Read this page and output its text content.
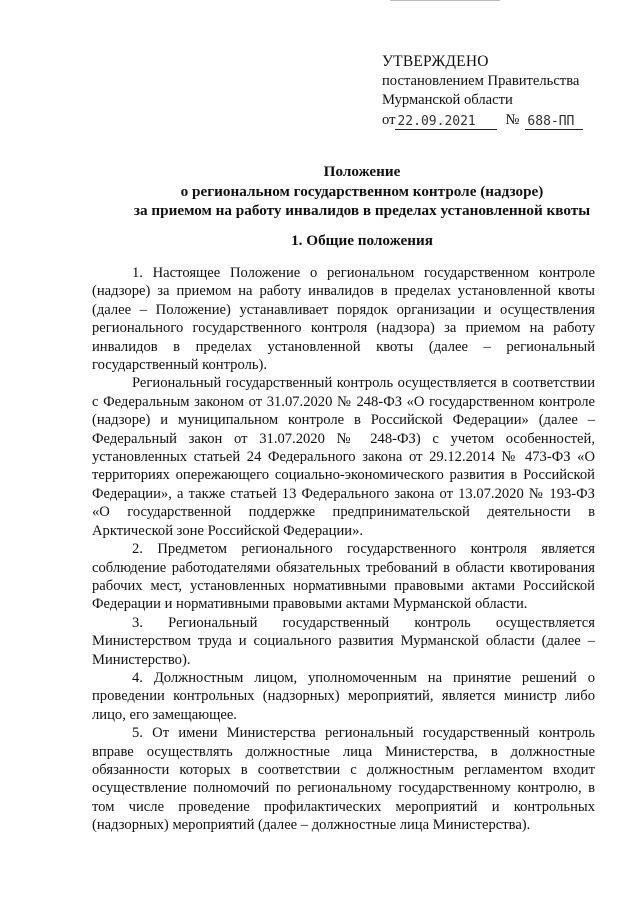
УТВЕРЖДЕНО
постановлением Правительства
Мурманской области
от 22.09.2021	№ 688-ПП
Положение
о региональном государственном контроле (надзоре)
за приемом на работу инвалидов в пределах установленной квоты
1. Общие положения

1. Настоящее Положение о региональном государственном контроле (надзоре) за приемом на работу инвалидов в пределах установленной квоты (далее – Положение) устанавливает порядок организации и осуществления регионального государственного контроля (надзора) за приемом на работу инвалидов в пределах установленной квоты (далее – региональный государственный контроль).

Региональный государственный контроль осуществляется в соответствии с Федеральным законом от 31.07.2020 № 248-ФЗ «О государственном контроле (надзоре) и муниципальном контроле в Российской Федерации» (далее – Федеральный закон от 31.07.2020 № 248-ФЗ) с учетом особенностей, установленных статьей 24 Федерального закона от 29.12.2014 № 473-ФЗ «О территориях опережающего социально-экономического развития в Российской Федерации», а также статьей 13 Федерального закона от 13.07.2020 № 193-ФЗ «О государственной поддержке предпринимательской деятельности в Арктической зоне Российской Федерации».

2. Предметом регионального государственного контроля является соблюдение работодателями обязательных требований в области квотирования рабочих мест, установленных нормативными правовыми актами Российской Федерации и нормативными правовыми актами Мурманской области.

3. Региональный государственный контроль осуществляется Министерством труда и социального развития Мурманской области (далее – Министерство).

4. Должностным лицом, уполномоченным на принятие решений о проведении контрольных (надзорных) мероприятий, является министр либо лицо, его замещающее.

5. От имени Министерства региональный государственный контроль вправе осуществлять должностные лица Министерства, в должностные обязанности которых в соответствии с должностным регламентом входит осуществление полномочий по региональному государственному контролю, в том числе проведение профилактических мероприятий и контрольных (надзорных) мероприятий (далее – должностные лица Министерства).
